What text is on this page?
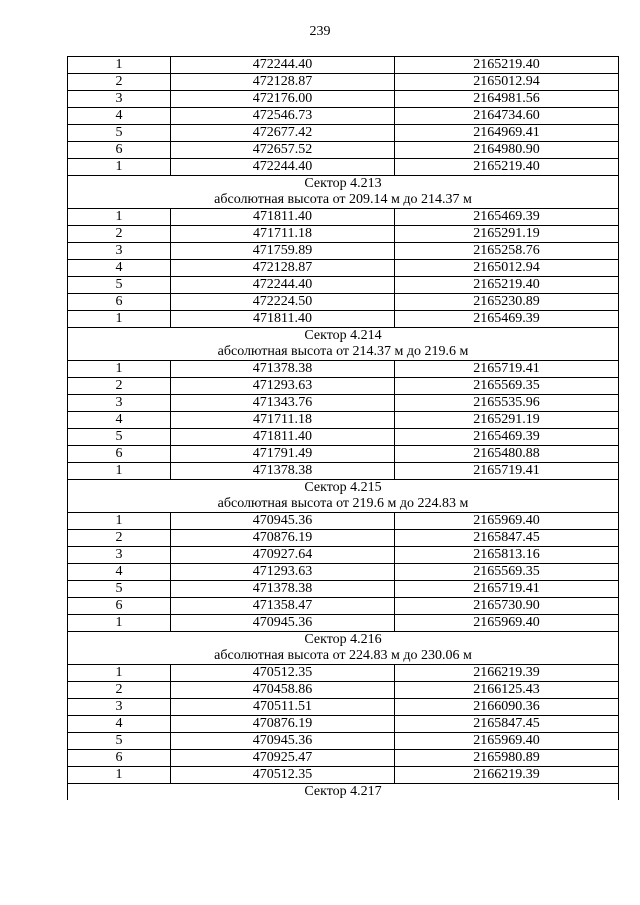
239
1	472244.40	2165219.40
2	472128.87	2165012.94
3	472176.00	2164981.56
4	472546.73	2164734.60
5	472677.42	2164969.41
6	472657.52	2164980.90
1	472244.40	2165219.40
Сектор 4.213		
абсолютная высота от 209.14 м до 214.37 м		
1	471811.40	2165469.39
2	471711.18	2165291.19
3	471759.89	2165258.76
4	472128.87	2165012.94
5	472244.40	2165219.40
6	472224.50	2165230.89
1	471811.40	2165469.39
Сектор 4.214		
абсолютная высота от 214.37 м до 219.6 м		
1	471378.38	2165719.41
2	471293.63	2165569.35
3	471343.76	2165535.96
4	471711.18	2165291.19
5	471811.40	2165469.39
6	471791.49	2165480.88
1	471378.38	2165719.41
Сектор 4.215		
абсолютная высота от 219.6 м до 224.83 м		
1	470945.36	2165969.40
2	470876.19	2165847.45
3	470927.64	2165813.16
4	471293.63	2165569.35
5	471378.38	2165719.41
6	471358.47	2165730.90
1	470945.36	2165969.40
Сектор 4.216		
абсолютная высота от 224.83 м до 230.06 м		
1	470512.35	2166219.39
2	470458.86	2166125.43
3	470511.51	2166090.36
4	470876.19	2165847.45
5	470945.36	2165969.40
6	470925.47	2165980.89
1	470512.35	2166219.39
Сектор 4.217		
